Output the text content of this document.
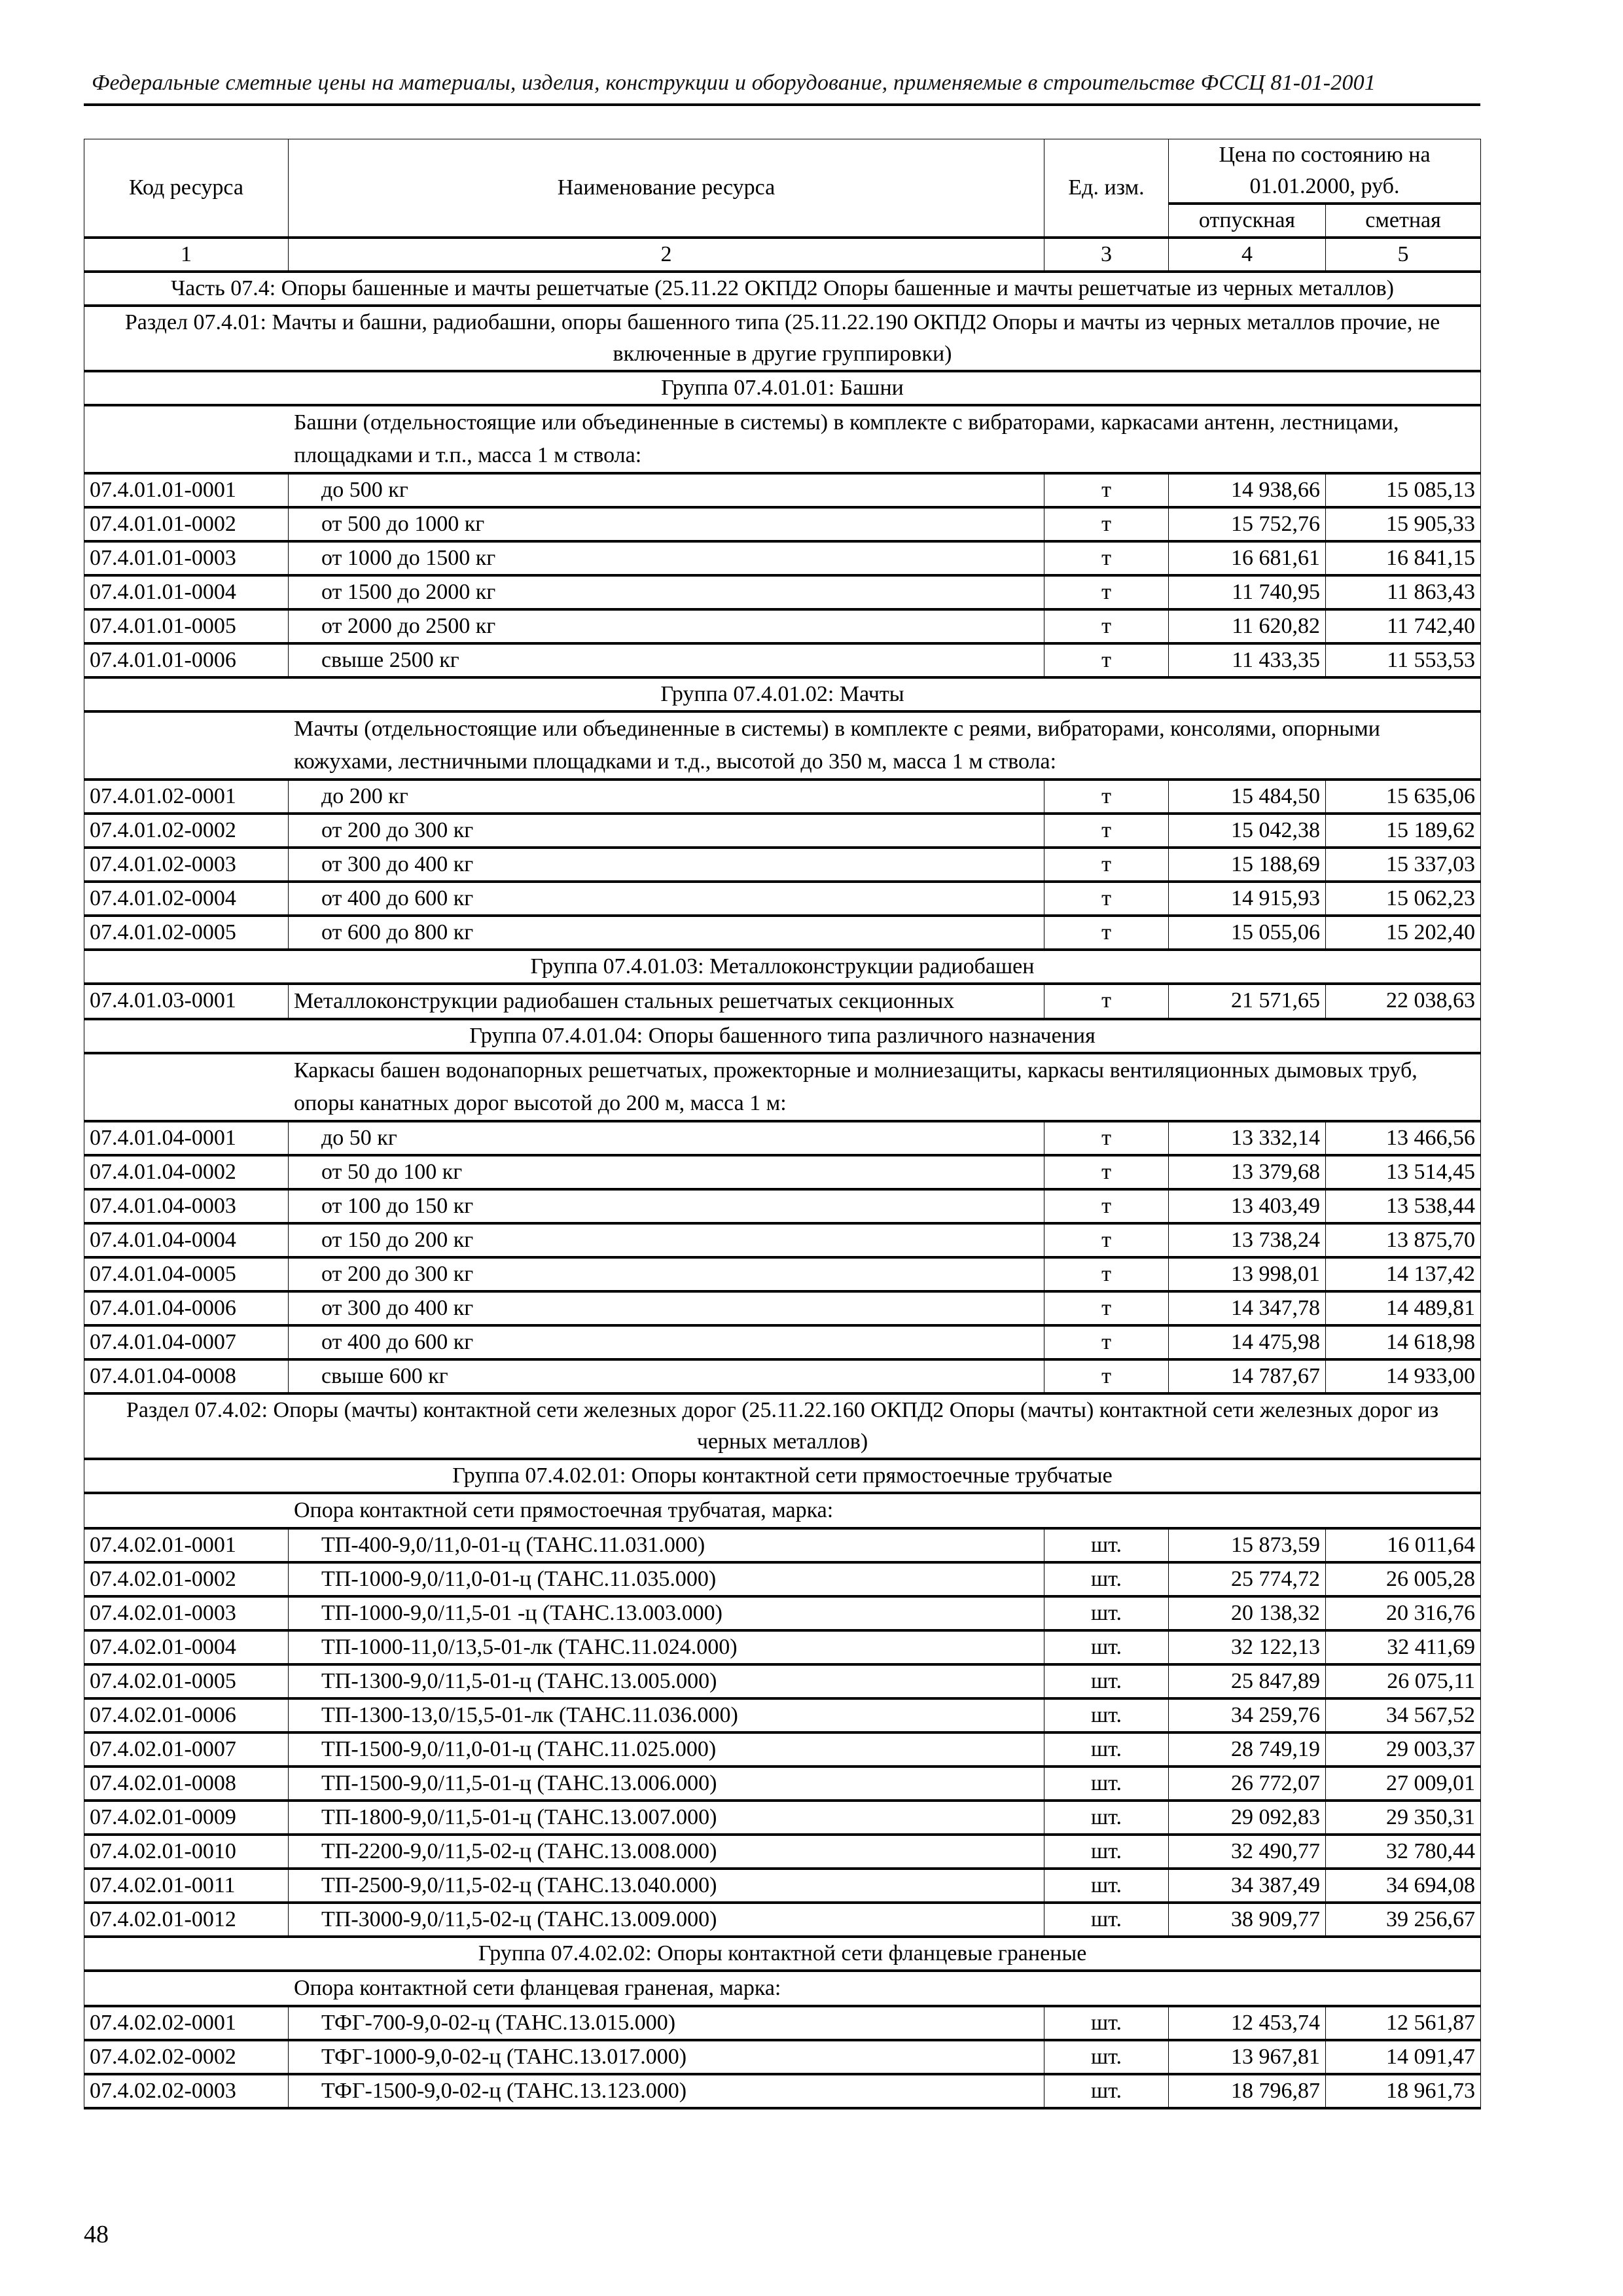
Федеральные сметные цены на материалы, изделия, конструкции и оборудование, применяемые в строительстве ФССЦ 81-01-2001
Код ресурса	Наименование ресурса	Ед. изм.	Цена по состоянию на 01.01.2000, руб.	
			отпускная	сметная
1	2	3	4	5
Часть 07.4: Опоры башенные и мачты решетчатые (25.11.22 ОКПД2 Опоры башенные и мачты решетчатые из черных металлов)				
Раздел 07.4.01: Мачты и башни, радиобашни, опоры башенного типа (25.11.22.190 ОКПД2 Опоры и мачты из черных металлов прочие, не включенные в другие группировки)				
Группа 07.4.01.01: Башни				
Башни (отдельностоящие или объединенные в системы) в комплекте с вибраторами, каркасами антенн, лестницами, площадками и т.п., масса 1 м ствола:				
07.4.01.01-0001	до 500 кг	т	14 938,66	15 085,13
07.4.01.01-0002	от 500 до 1000 кг	т	15 752,76	15 905,33
07.4.01.01-0003	от 1000 до 1500 кг	т	16 681,61	16 841,15
07.4.01.01-0004	от 1500 до 2000 кг	т	11 740,95	11 863,43
07.4.01.01-0005	от 2000 до 2500 кг	т	11 620,82	11 742,40
07.4.01.01-0006	свыше 2500 кг	т	11 433,35	11 553,53
Группа 07.4.01.02: Мачты				
Мачты (отдельностоящие или объединенные в системы) в комплекте с реями, вибраторами, консолями, опорными кожухами, лестничными площадками и т.д., высотой до 350 м, масса 1 м ствола:				
07.4.01.02-0001	до 200 кг	т	15 484,50	15 635,06
07.4.01.02-0002	от 200 до 300 кг	т	15 042,38	15 189,62
07.4.01.02-0003	от 300 до 400 кг	т	15 188,69	15 337,03
07.4.01.02-0004	от 400 до 600 кг	т	14 915,93	15 062,23
07.4.01.02-0005	от 600 до 800 кг	т	15 055,06	15 202,40
Группа 07.4.01.03: Металлоконструкции радиобашен				
07.4.01.03-0001	Металлоконструкции радиобашен стальных решетчатых секционных	т	21 571,65	22 038,63
Группа 07.4.01.04: Опоры башенного типа различного назначения				
Каркасы башен водонапорных решетчатых, прожекторные и молниезащиты, каркасы вентиляционных дымовых труб, опоры канатных дорог высотой до 200 м, масса 1 м:				
07.4.01.04-0001	до 50 кг	т	13 332,14	13 466,56
07.4.01.04-0002	от 50 до 100 кг	т	13 379,68	13 514,45
07.4.01.04-0003	от 100 до 150 кг	т	13 403,49	13 538,44
07.4.01.04-0004	от 150 до 200 кг	т	13 738,24	13 875,70
07.4.01.04-0005	от 200 до 300 кг	т	13 998,01	14 137,42
07.4.01.04-0006	от 300 до 400 кг	т	14 347,78	14 489,81
07.4.01.04-0007	от 400 до 600 кг	т	14 475,98	14 618,98
07.4.01.04-0008	свыше 600 кг	т	14 787,67	14 933,00
Раздел 07.4.02: Опоры (мачты) контактной сети железных дорог (25.11.22.160 ОКПД2 Опоры (мачты) контактной сети железных дорог из черных металлов)				
Группа 07.4.02.01: Опоры контактной сети прямостоечные трубчатые				
Опора контактной сети прямостоечная трубчатая, марка:				
07.4.02.01-0001	ТП-400-9,0/11,0-01-ц (ТАНС.11.031.000)	шт.	15 873,59	16 011,64
07.4.02.01-0002	ТП-1000-9,0/11,0-01-ц (ТАНС.11.035.000)	шт.	25 774,72	26 005,28
07.4.02.01-0003	ТП-1000-9,0/11,5-01 -ц (ТАНС.13.003.000)	шт.	20 138,32	20 316,76
07.4.02.01-0004	ТП-1000-11,0/13,5-01-лк (ТАНС.11.024.000)	шт.	32 122,13	32 411,69
07.4.02.01-0005	ТП-1300-9,0/11,5-01-ц (ТАНС.13.005.000)	шт.	25 847,89	26 075,11
07.4.02.01-0006	ТП-1300-13,0/15,5-01-лк (ТАНС.11.036.000)	шт.	34 259,76	34 567,52
07.4.02.01-0007	ТП-1500-9,0/11,0-01-ц (ТАНС.11.025.000)	шт.	28 749,19	29 003,37
07.4.02.01-0008	ТП-1500-9,0/11,5-01-ц (ТАНС.13.006.000)	шт.	26 772,07	27 009,01
07.4.02.01-0009	ТП-1800-9,0/11,5-01-ц (ТАНС.13.007.000)	шт.	29 092,83	29 350,31
07.4.02.01-0010	ТП-2200-9,0/11,5-02-ц (ТАНС.13.008.000)	шт.	32 490,77	32 780,44
07.4.02.01-0011	ТП-2500-9,0/11,5-02-ц (ТАНС.13.040.000)	шт.	34 387,49	34 694,08
07.4.02.01-0012	ТП-3000-9,0/11,5-02-ц (ТАНС.13.009.000)	шт.	38 909,77	39 256,67
Группа 07.4.02.02: Опоры контактной сети фланцевые граненые				
Опора контактной сети фланцевая граненая, марка:				
07.4.02.02-0001	ТФГ-700-9,0-02-ц (ТАНС.13.015.000)	шт.	12 453,74	12 561,87
07.4.02.02-0002	ТФГ-1000-9,0-02-ц (ТАНС.13.017.000)	шт.	13 967,81	14 091,47
07.4.02.02-0003	ТФГ-1500-9,0-02-ц (ТАНС.13.123.000)	шт.	18 796,87	18 961,73
48
